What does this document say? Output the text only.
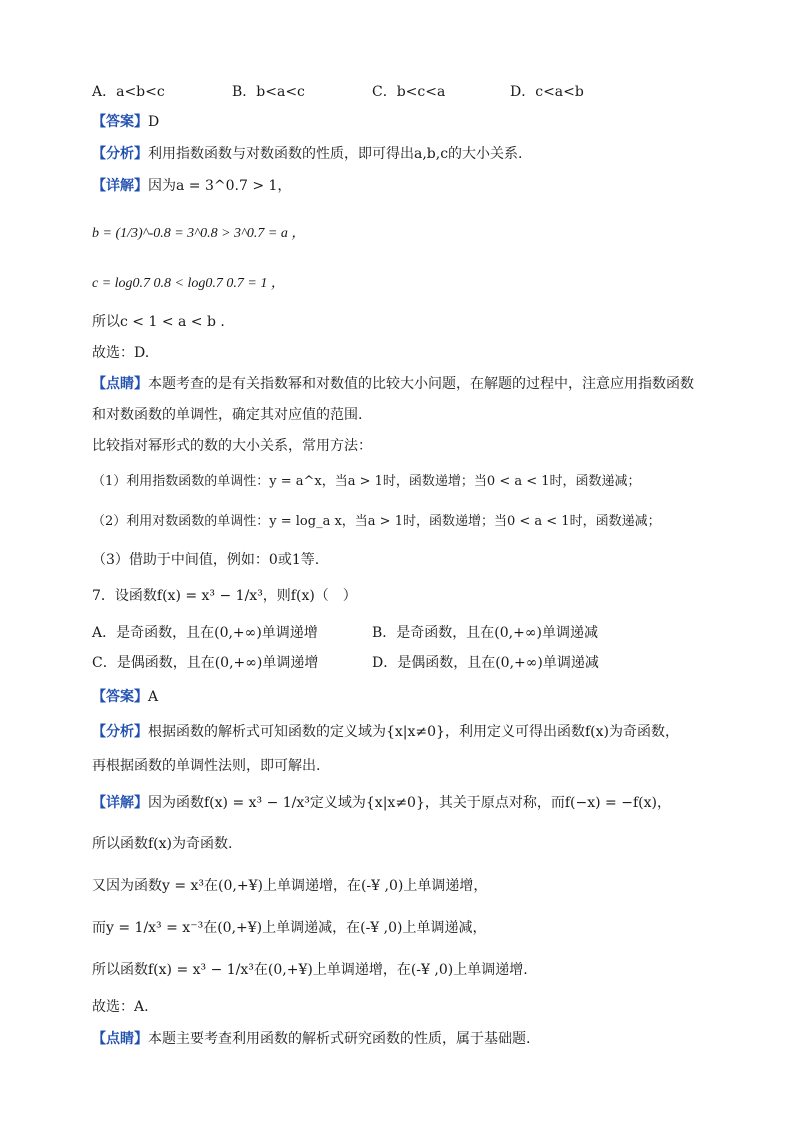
A．a<b<c	B．b<a<c	C．b<c<a	D．c<a<b
【答案】D
【分析】利用指数函数与对数函数的性质，即可得出a,b,c的大小关系.
【详解】因为a = 3^0.7 > 1，
b = (1/3)^-0.8 = 3^0.8 > 3^0.7 = a ，
c = log0.7 0.8 < log0.7 0.7 = 1 ，
所以c < 1 < a < b .
故选：D.
【点睛】本题考查的是有关指数幂和对数值的比较大小问题，在解题的过程中，注意应用指数函数
和对数函数的单调性，确定其对应值的范围.
比较指对幂形式的数的大小关系，常用方法：
（1）利用指数函数的单调性：y = a^x，当a > 1时，函数递增；当0 < a < 1时，函数递减；
（2）利用对数函数的单调性：y = log_a x，当a > 1时，函数递增；当0 < a < 1时，函数递减；
（3）借助于中间值，例如：0或1等.
7．设函数f(x) = x³ − 1/x³，则f(x)（　）
A．是奇函数，且在(0,+∞)单调递增	B．是奇函数，且在(0,+∞)单调递减
C．是偶函数，且在(0,+∞)单调递增	D．是偶函数，且在(0,+∞)单调递减
【答案】A
【分析】根据函数的解析式可知函数的定义域为{x|x≠0}，利用定义可得出函数f(x)为奇函数，
再根据函数的单调性法则，即可解出.
【详解】因为函数f(x) = x³ − 1/x³定义域为{x|x≠0}，其关于原点对称，而f(−x) = −f(x)，
所以函数f(x)为奇函数.
又因为函数y = x³在(0,+¥)上单调递增，在(-¥ ,0)上单调递增，
而y = 1/x³ = x⁻³在(0,+¥)上单调递减，在(-¥ ,0)上单调递减，
所以函数f(x) = x³ − 1/x³在(0,+¥)上单调递增，在(-¥ ,0)上单调递增.
故选：A.
【点睛】本题主要考查利用函数的解析式研究函数的性质，属于基础题.
